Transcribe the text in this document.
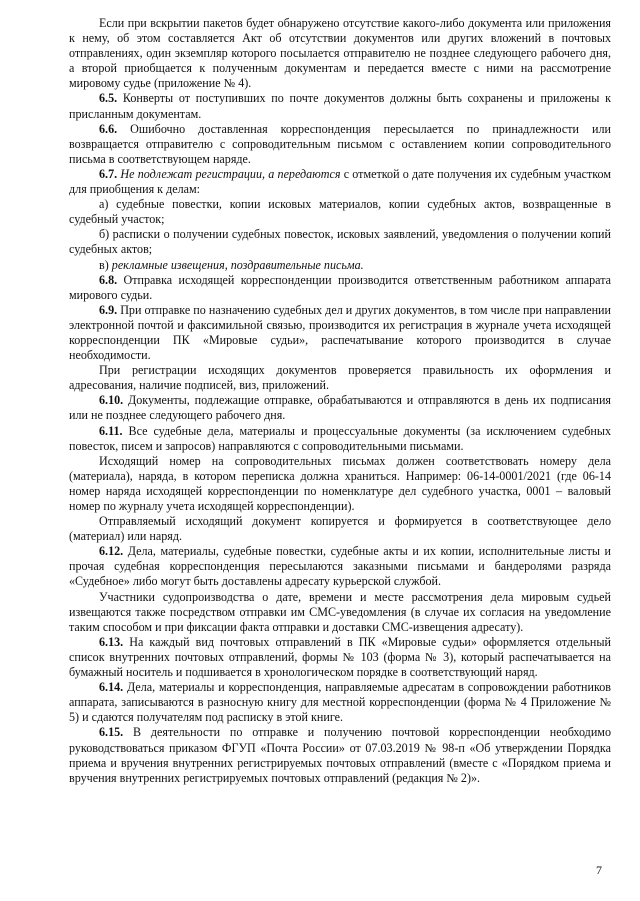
Если при вскрытии пакетов будет обнаружено отсутствие какого-либо документа или приложения к нему, об этом составляется Акт об отсутствии документов или других вложений в почтовых отправлениях, один экземпляр которого посылается отправителю не позднее следующего рабочего дня, а второй приобщается к полученным документам и передается вместе с ними на рассмотрение мировому судье (приложение № 4).

6.5. Конверты от поступивших по почте документов должны быть сохранены и приложены к присланным документам.

6.6. Ошибочно доставленная корреспонденция пересылается по принадлежности или возвращается отправителю с сопроводительным письмом с оставлением копии сопроводительного письма в соответствующем наряде.

6.7. Не подлежат регистрации, а передаются с отметкой о дате получения их судебным участком для приобщения к делам:

а) судебные повестки, копии исковых материалов, копии судебных актов, возвращенные в судебный участок;

б) расписки о получении судебных повесток, исковых заявлений, уведомления о получении копий судебных актов;

в) рекламные извещения, поздравительные письма.

6.8. Отправка исходящей корреспонденции производится ответственным работником аппарата мирового судьи.

6.9. При отправке по назначению судебных дел и других документов, в том числе при направлении электронной почтой и факсимильной связью, производится их регистрация в журнале учета исходящей корреспонденции ПК «Мировые судьи», распечатывание которого производится в случае необходимости.

При регистрации исходящих документов проверяется правильность их оформления и адресования, наличие подписей, виз, приложений.

6.10. Документы, подлежащие отправке, обрабатываются и отправляются в день их подписания или не позднее следующего рабочего дня.

6.11. Все судебные дела, материалы и процессуальные документы (за исключением судебных повесток, писем и запросов) направляются с сопроводительными письмами.

Исходящий номер на сопроводительных письмах должен соответствовать номеру дела (материала), наряда, в котором переписка должна храниться. Например: 06-14-0001/2021 (где 06-14 номер наряда исходящей корреспонденции по номенклатуре дел судебного участка, 0001 – валовый номер по журналу учета исходящей корреспонденции).

Отправляемый исходящий документ копируется и формируется в соответствующее дело (материал) или наряд.

6.12. Дела, материалы, судебные повестки, судебные акты и их копии, исполнительные листы и прочая судебная корреспонденция пересылаются заказными письмами и бандеролями разряда «Судебное» либо могут быть доставлены адресату курьерской службой.

Участники судопроизводства о дате, времени и месте рассмотрения дела мировым судьей извещаются также посредством отправки им СМС-уведомления (в случае их согласия на уведомление таким способом и при фиксации факта отправки и доставки СМС-извещения адресату).

6.13. На каждый вид почтовых отправлений в ПК «Мировые судьи» оформляется отдельный список внутренних почтовых отправлений, формы № 103 (форма № 3), который распечатывается на бумажный носитель и подшивается в хронологическом порядке в соответствующий наряд.

6.14. Дела, материалы и корреспонденция, направляемые адресатам в сопровождении работников аппарата, записываются в разносную книгу для местной корреспонденции (форма № 4 Приложение № 5) и сдаются получателям под расписку в этой книге.

6.15. В деятельности по отправке и получению почтовой корреспонденции необходимо руководствоваться приказом ФГУП «Почта России» от 07.03.2019 № 98-п «Об утверждении Порядка приема и вручения внутренних регистрируемых почтовых отправлений (вместе с «Порядком приема и вручения внутренних регистрируемых почтовых отправлений (редакция № 2)».

7
